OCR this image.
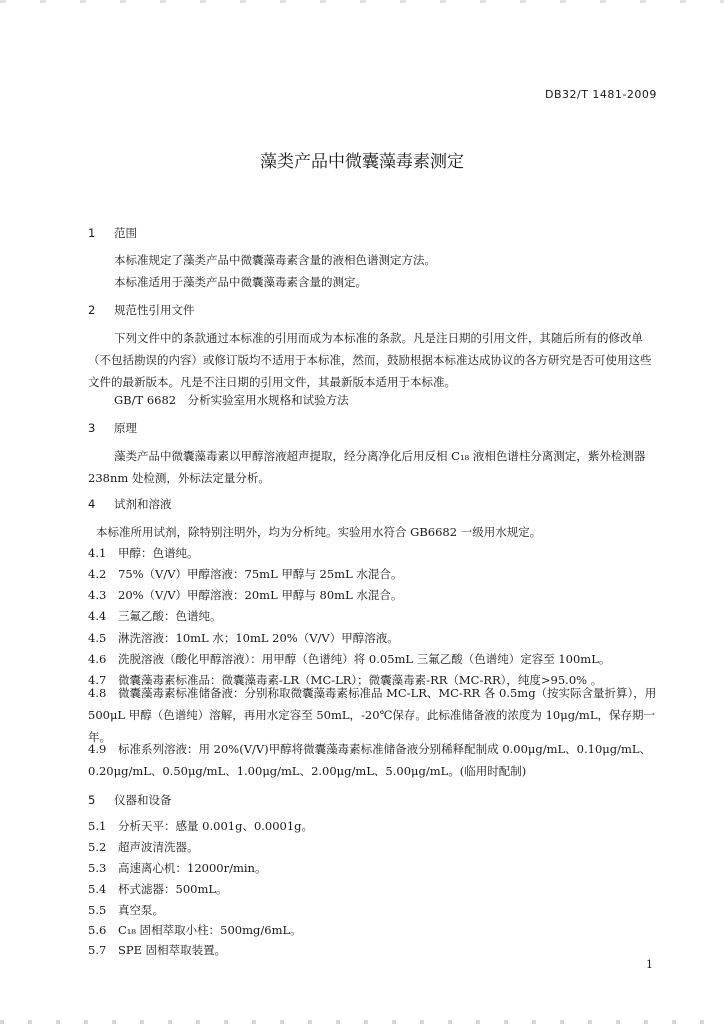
DB32/T 1481-2009
藻类产品中微囊藻毒素测定
1 范围
本标准规定了藻类产品中微囊藻毒素含量的液相色谱测定方法。
本标准适用于藻类产品中微囊藻毒素含量的测定。
2 规范性引用文件
下列文件中的条款通过本标准的引用而成为本标准的条款。凡是注日期的引用文件，其随后所有的修改单（不包括勘误的内容）或修订版均不适用于本标准，然而，鼓励根据本标准达成协议的各方研究是否可使用这些文件的最新版本。凡是不注日期的引用文件，其最新版本适用于本标准。
GB/T 6682　分析实验室用水规格和试验方法
3 原理
藻类产品中微囊藻毒素以甲醇溶液超声提取，经分离净化后用反相 C₁₈ 液相色谱柱分离测定，紫外检测器 238nm 处检测，外标法定量分析。
4 试剂和溶液
本标准所用试剂，除特别注明外，均为分析纯。实验用水符合 GB6682 一级用水规定。
4.1 甲醇：色谱纯。
4.2 75%（V/V）甲醇溶液：75mL 甲醇与 25mL 水混合。
4.3 20%（V/V）甲醇溶液：20mL 甲醇与 80mL 水混合。
4.4 三氟乙酸：色谱纯。
4.5 淋洗溶液：10mL 水；10mL 20%（V/V）甲醇溶液。
4.6 洗脱溶液（酸化甲醇溶液）：用甲醇（色谱纯）将 0.05mL 三氟乙酸（色谱纯）定容至 100mL。
4.7 微囊藻毒素标准品：微囊藻毒素-LR（MC-LR）；微囊藻毒素-RR（MC-RR），纯度>95.0% 。
4.8 微囊藻毒素标准储备液：分别称取微囊藻毒素标准品 MC-LR、MC-RR 各 0.5mg（按实际含量折算），用 500μL 甲醇（色谱纯）溶解，再用水定容至 50mL，-20℃保存。此标准储备液的浓度为 10μg/mL，保存期一年。
4.9 标准系列溶液：用 20%(V/V)甲醇将微囊藻毒素标准储备液分别稀释配制成 0.00μg/mL、0.10μg/mL、0.20μg/mL、0.50μg/mL、1.00μg/mL、2.00μg/mL、5.00μg/mL。(临用时配制)
5 仪器和设备
5.1 分析天平：感量 0.001g、0.0001g。
5.2 超声波清洗器。
5.3 高速离心机：12000r/min。
5.4 杯式滤器：500mL。
5.5 真空泵。
5.6 C₁₈ 固相萃取小柱：500mg/6mL。
5.7 SPE 固相萃取装置。
1
